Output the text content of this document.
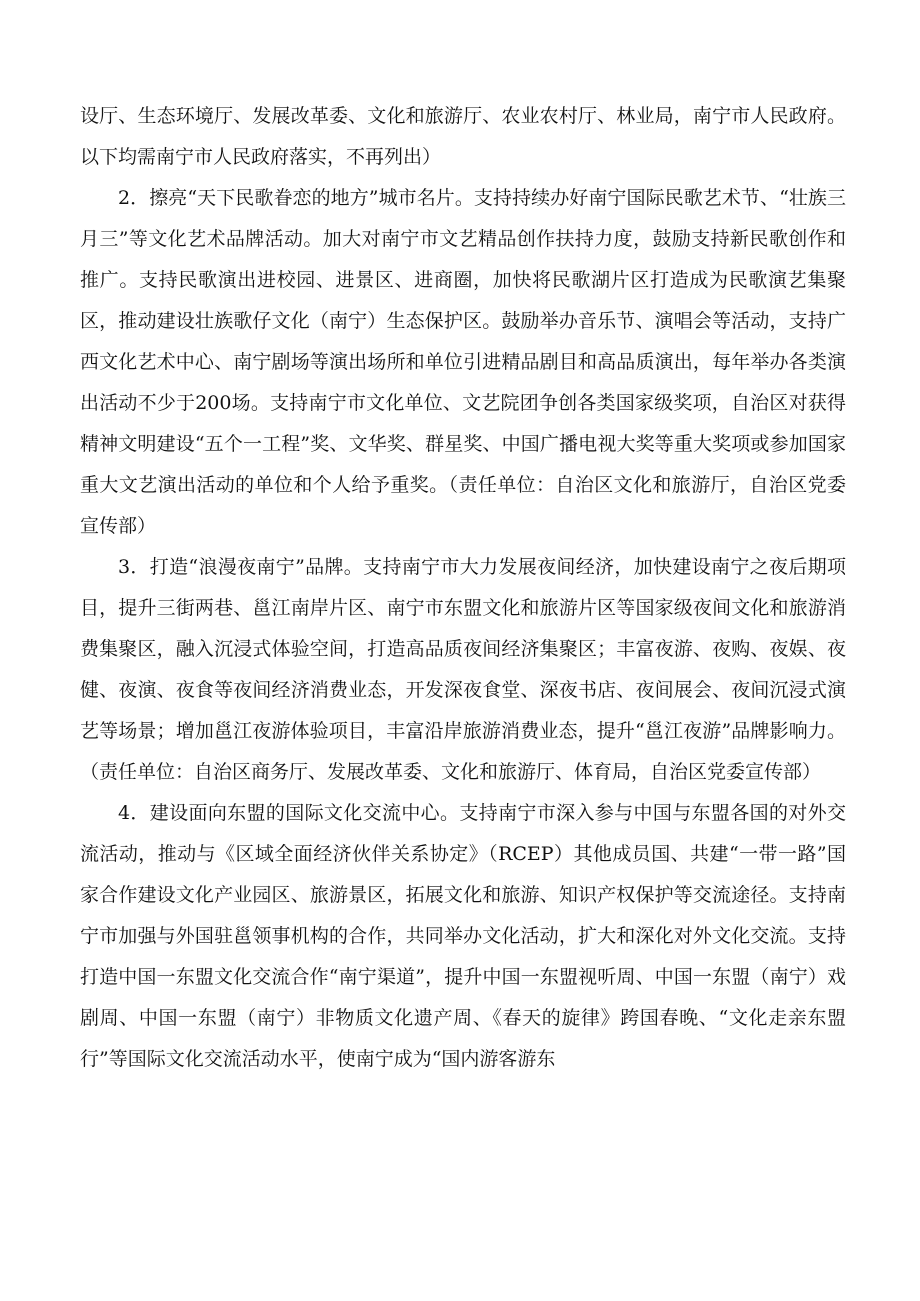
设厅、生态环境厅、发展改革委、文化和旅游厅、农业农村厅、林业局，南宁市人民政府。以下均需南宁市人民政府落实，不再列出）

2．擦亮“天下民歌眷恋的地方”城市名片。支持持续办好南宁国际民歌艺术节、“壮族三月三”等文化艺术品牌活动。加大对南宁市文艺精品创作扶持力度，鼓励支持新民歌创作和推广。支持民歌演出进校园、进景区、进商圈，加快将民歌湖片区打造成为民歌演艺集聚区，推动建设壮族歌仔文化（南宁）生态保护区。鼓励举办音乐节、演唱会等活动，支持广西文化艺术中心、南宁剧场等演出场所和单位引进精品剧目和高品质演出，每年举办各类演出活动不少于200场。支持南宁市文化单位、文艺院团争创各类国家级奖项，自治区对获得精神文明建设“五个一工程”奖、文华奖、群星奖、中国广播电视大奖等重大奖项或参加国家重大文艺演出活动的单位和个人给予重奖。（责任单位：自治区文化和旅游厅，自治区党委宣传部）

3．打造“浪漫夜南宁”品牌。支持南宁市大力发展夜间经济，加快建设南宁之夜后期项目，提升三街两巷、邕江南岸片区、南宁市东盟文化和旅游片区等国家级夜间文化和旅游消费集聚区，融入沉浸式体验空间，打造高品质夜间经济集聚区；丰富夜游、夜购、夜娱、夜健、夜演、夜食等夜间经济消费业态，开发深夜食堂、深夜书店、夜间展会、夜间沉浸式演艺等场景；增加邕江夜游体验项目，丰富沿岸旅游消费业态，提升“邕江夜游”品牌影响力。（责任单位：自治区商务厅、发展改革委、文化和旅游厅、体育局，自治区党委宣传部）

4．建设面向东盟的国际文化交流中心。支持南宁市深入参与中国与东盟各国的对外交流活动，推动与《区域全面经济伙伴关系协定》（RCEP）其他成员国、共建“一带一路”国家合作建设文化产业园区、旅游景区，拓展文化和旅游、知识产权保护等交流途径。支持南宁市加强与外国驻邕领事机构的合作，共同举办文化活动，扩大和深化对外文化交流。支持打造中国一东盟文化交流合作“南宁渠道”，提升中国一东盟视听周、中国一东盟（南宁）戏剧周、中国一东盟（南宁）非物质文化遗产周、《春天的旋律》跨国春晚、“文化走亲东盟行”等国际文化交流活动水平，使南宁成为“国内游客游东
